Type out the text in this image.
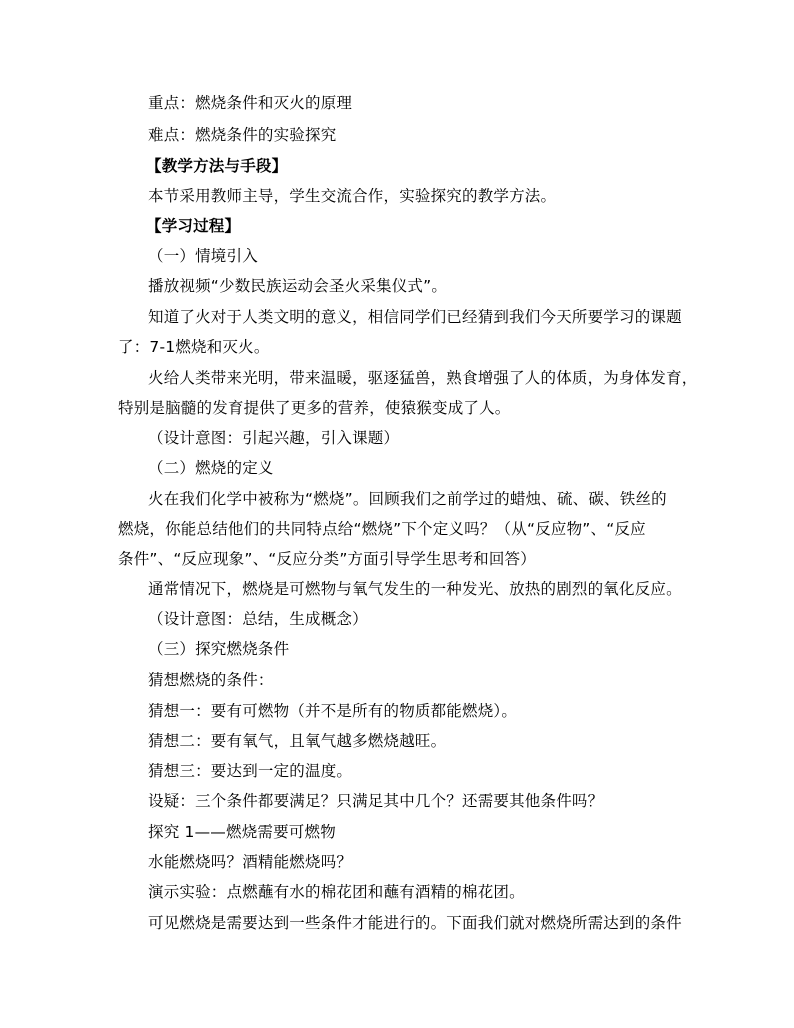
重点：燃烧条件和灭火的原理
难点：燃烧条件的实验探究
【教学方法与手段】
本节采用教师主导，学生交流合作，实验探究的教学方法。
【学习过程】
（一）情境引入
播放视频“少数民族运动会圣火采集仪式”。
知道了火对于人类文明的意义，相信同学们已经猜到我们今天所要学习的课题
了：7-1燃烧和灭火。
火给人类带来光明，带来温暖，驱逐猛兽，熟食增强了人的体质，为身体发育，
特别是脑髓的发育提供了更多的营养，使猿猴变成了人。
（设计意图：引起兴趣，引入课题）
（二）燃烧的定义
火在我们化学中被称为“燃烧”。回顾我们之前学过的蜡烛、硫、碳、铁丝的
燃烧，你能总结他们的共同特点给“燃烧”下个定义吗？（从“反应物”、“反应
条件”、“反应现象”、“反应分类”方面引导学生思考和回答）
通常情况下，燃烧是可燃物与氧气发生的一种发光、放热的剧烈的氧化反应。
（设计意图：总结，生成概念）
（三）探究燃烧条件
猜想燃烧的条件：
猜想一：要有可燃物（并不是所有的物质都能燃烧）。
猜想二：要有氧气，且氧气越多燃烧越旺。
猜想三：要达到一定的温度。
设疑：三个条件都要满足？只满足其中几个？还需要其他条件吗？
探究 1——燃烧需要可燃物
水能燃烧吗？酒精能燃烧吗？
演示实验：点燃蘸有水的棉花团和蘸有酒精的棉花团。
可见燃烧是需要达到一些条件才能进行的。下面我们就对燃烧所需达到的条件
